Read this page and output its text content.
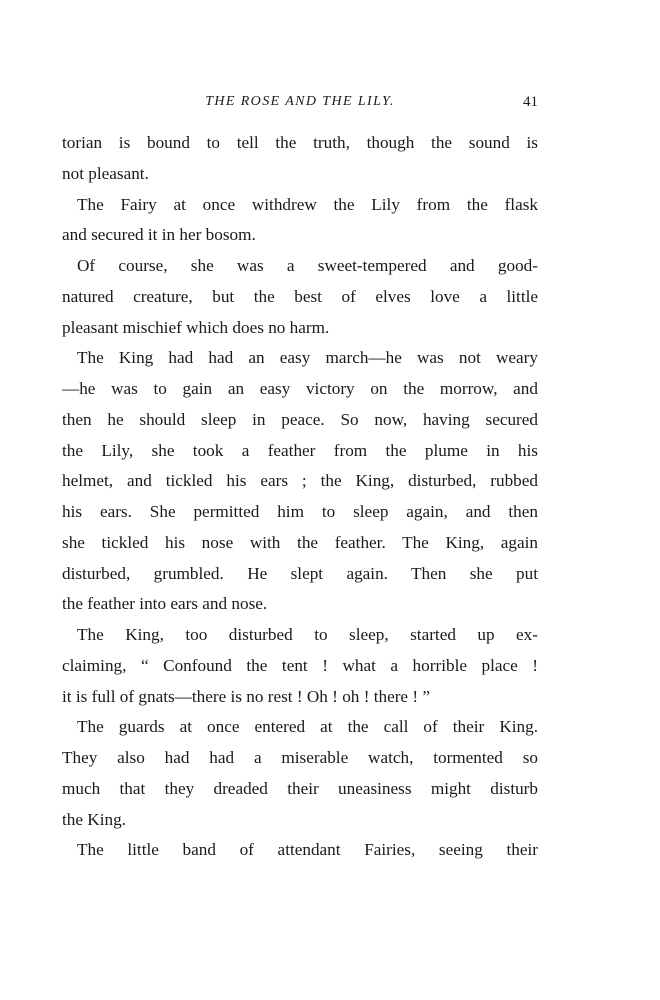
THE ROSE AND THE LILY.	41
torian is bound to tell the truth, though the sound is
not pleasant.
The Fairy at once withdrew the Lily from the flask
and secured it in her bosom.
Of course, she was a sweet-tempered and good-
natured creature, but the best of elves love a little
pleasant mischief which does no harm.
The King had had an easy march—he was not weary
—he was to gain an easy victory on the morrow, and
then he should sleep in peace. So now, having secured
the Lily, she took a feather from the plume in his
helmet, and tickled his ears ; the King, disturbed, rubbed
his ears. She permitted him to sleep again, and then
she tickled his nose with the feather. The King, again
disturbed, grumbled. He slept again. Then she put
the feather into ears and nose.
The King, too disturbed to sleep, started up ex-
claiming, “ Confound the tent ! what a horrible place !
it is full of gnats—there is no rest ! Oh ! oh ! there ! ”
The guards at once entered at the call of their King.
They also had had a miserable watch, tormented so
much that they dreaded their uneasiness might disturb
the King.
The little band of attendant Fairies, seeing their
